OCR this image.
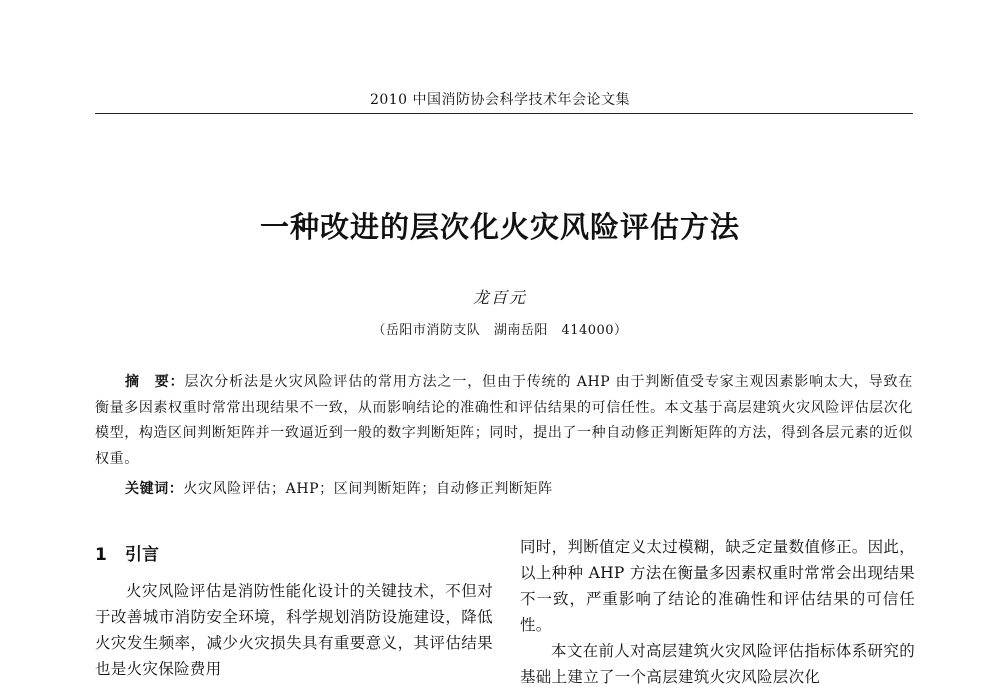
2010 中国消防协会科学技术年会论文集
一种改进的层次化火灾风险评估方法
龙百元
（岳阳市消防支队　湖南岳阳　414000）
摘　要：层次分析法是火灾风险评估的常用方法之一，但由于传统的 AHP 由于判断值受专家主观因素影响太大，导致在衡量多因素权重时常常出现结果不一致，从而影响结论的准确性和评估结果的可信任性。本文基于高层建筑火灾风险评估层次化模型，构造区间判断矩阵并一致逼近到一般的数字判断矩阵；同时，提出了一种自动修正判断矩阵的方法，得到各层元素的近似权重。
关键词：火灾风险评估；AHP；区间判断矩阵；自动修正判断矩阵
1 引言

火灾风险评估是消防性能化设计的关键技术，不但对于改善城市消防安全环境，科学规划消防设施建设，降低火灾发生频率，减少火灾损失具有重要意义，其评估结果也是火灾保险费用

同时，判断值定义太过模糊，缺乏定量数值修正。因此，以上种种 AHP 方法在衡量多因素权重时常常会出现结果不一致，严重影响了结论的准确性和评估结果的可信任性。

本文在前人对高层建筑火灾风险评估指标体系研究的基础上建立了一个高层建筑火灾风险层次化
